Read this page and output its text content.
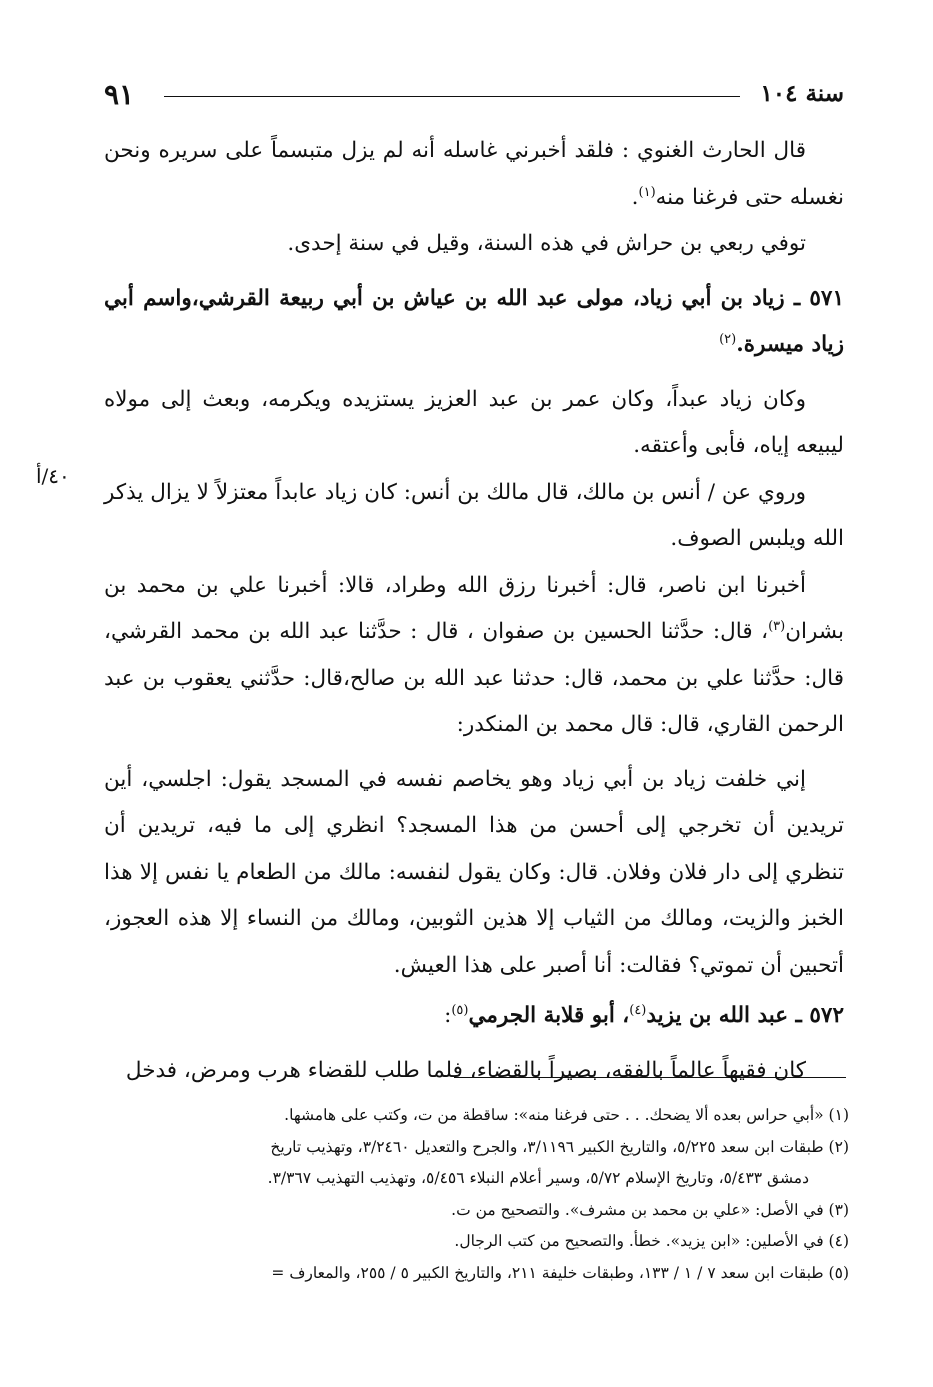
سنة ١٠٤
٩١
٤٠/أ

قال الحارث الغنوي : فلقد أخبرني غاسله أنه لم يزل متبسماً على سريره ونحن نغسله حتى فرغنا منه$^{(١)}$.

توفي ربعي بن حراش في هذه السنة، وقيل في سنة إحدى.

٥٧١ ـ زياد بن أبي زياد، مولى عبد الله بن عياش بن أبي ربيعة القرشي،واسم أبي زياد ميسرة.$^{(٢)}$

وكان زياد عبداً، وكان عمر بن عبد العزيز يستزيده ويكرمه، وبعث إلى مولاه ليبيعه إياه، فأبى وأعتقه.

وروي عن / أنس بن مالك، قال مالك بن أنس: كان زياد عابداً معتزلاً لا يزال يذكر الله ويلبس الصوف.

أخبرنا ابن ناصر، قال: أخبرنا رزق الله وطراد، قالا: أخبرنا علي بن محمد بن بشران$^{(٣)}$، قال: حدَّثنا الحسين بن صفوان ، قال : حدَّثنا عبد الله بن محمد القرشي، قال: حدَّثنا علي بن محمد، قال: حدثنا عبد الله بن صالح،قال: حدَّثني يعقوب بن عبد الرحمن القاري، قال: قال محمد بن المنكدر:

إني خلفت زياد بن أبي زياد وهو يخاصم نفسه في المسجد يقول: اجلسي، أين تريدين أن تخرجي إلى أحسن من هذا المسجد؟ انظري إلى ما فيه، تريدين أن تنظري إلى دار فلان وفلان. قال: وكان يقول لنفسه: مالك من الطعام يا نفس إلا هذا الخبز والزيت، ومالك من الثياب إلا هذين الثوبين، ومالك من النساء إلا هذه العجوز، أتحبين أن تموتي؟ فقالت: أنا أصبر على هذا العيش.

٥٧٢ ـ عبد الله بن يزيد$^{(٤)}$، أبو قلابة الجرمي$^{(٥)}$:

كان فقيهاً عالماً بالفقه، بصيراً بالقضاء، فلما طلب للقضاء هرب ومرض، فدخل

(١) «أبي حراس بعده ألا يضحك. . . حتى فرغنا منه»: ساقطة من ت، وكتب على هامشها.

(٢) طبقات ابن سعد ٥/٢٢٥، والتاريخ الكبير ٣/١١٩٦، والجرح والتعديل ٣/٢٤٦٠، وتهذيب تاريخ

دمشق ٥/٤٣٣، وتاريخ الإسلام ٥/٧٢، وسير أعلام النبلاء ٥/٤٥٦، وتهذيب التهذيب ٣/٣٦٧.

(٣) في الأصل: «علي بن محمد بن مشرف». والتصحيح من ت.

(٤) في الأصلين: «ابن يزيد». خطأ. والتصحيح من كتب الرجال.

(٥) طبقات ابن سعد ٧ / ١ / ١٣٣، وطبقات خليفة ٢١١، والتاريخ الكبير ٥ / ٢٥٥، والمعارف =
